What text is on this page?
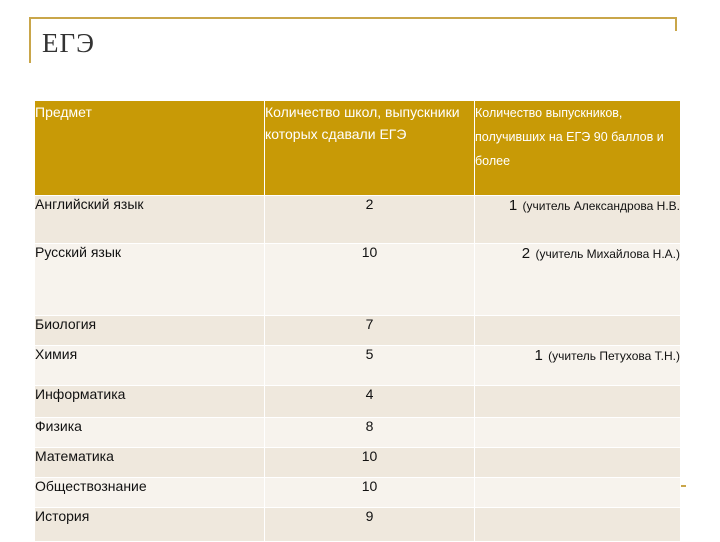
ЕГЭ
Предмет	Количество школ, выпускники которых сдавали ЕГЭ	Количество выпускников, получивших на ЕГЭ 90 баллов и более
Английский язык	2	1 (учитель Александрова Н.В.
Русский язык	10	2 (учитель Михайлова Н.А.)
Биология	7	
Химия	5	1 (учитель Петухова Т.Н.)
Информатика	4	
Физика	8	
Математика	10	
Обществознание	10	
История	9	
